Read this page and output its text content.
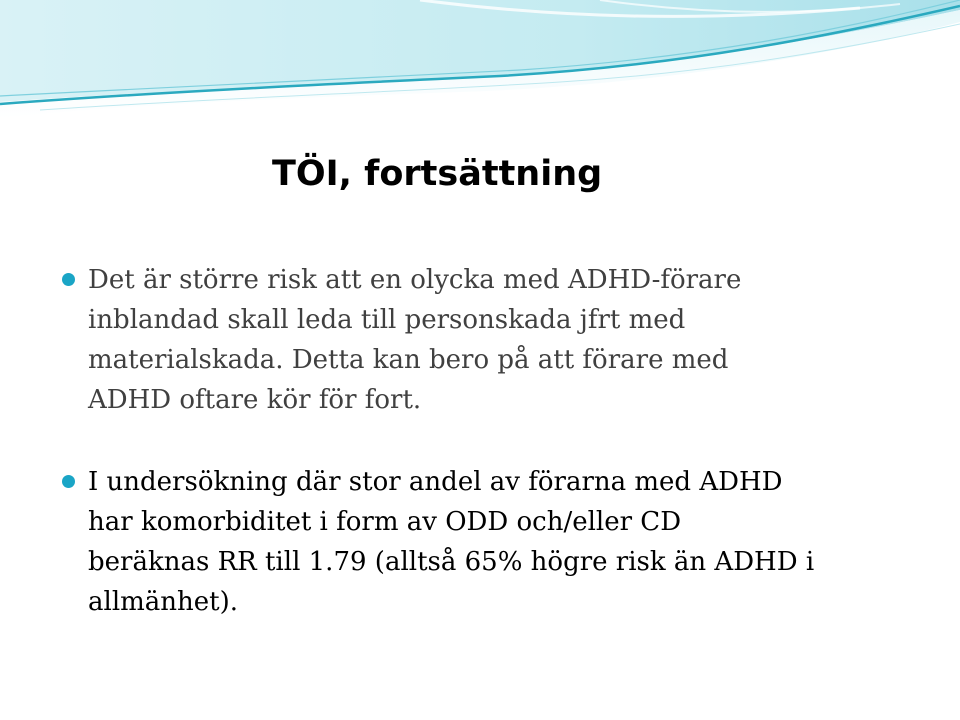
TÖI, fortsättning
Det är större risk att en olycka med ADHD-förare
inblandad skall leda till personskada jfrt med
materialskada. Detta kan bero på att förare med
ADHD oftare kör för fort.
I undersökning där stor andel av förarna med ADHD
har komorbiditet i form av ODD och/eller CD
beräknas RR till 1.79 (alltså 65% högre risk än ADHD i
allmänhet).
